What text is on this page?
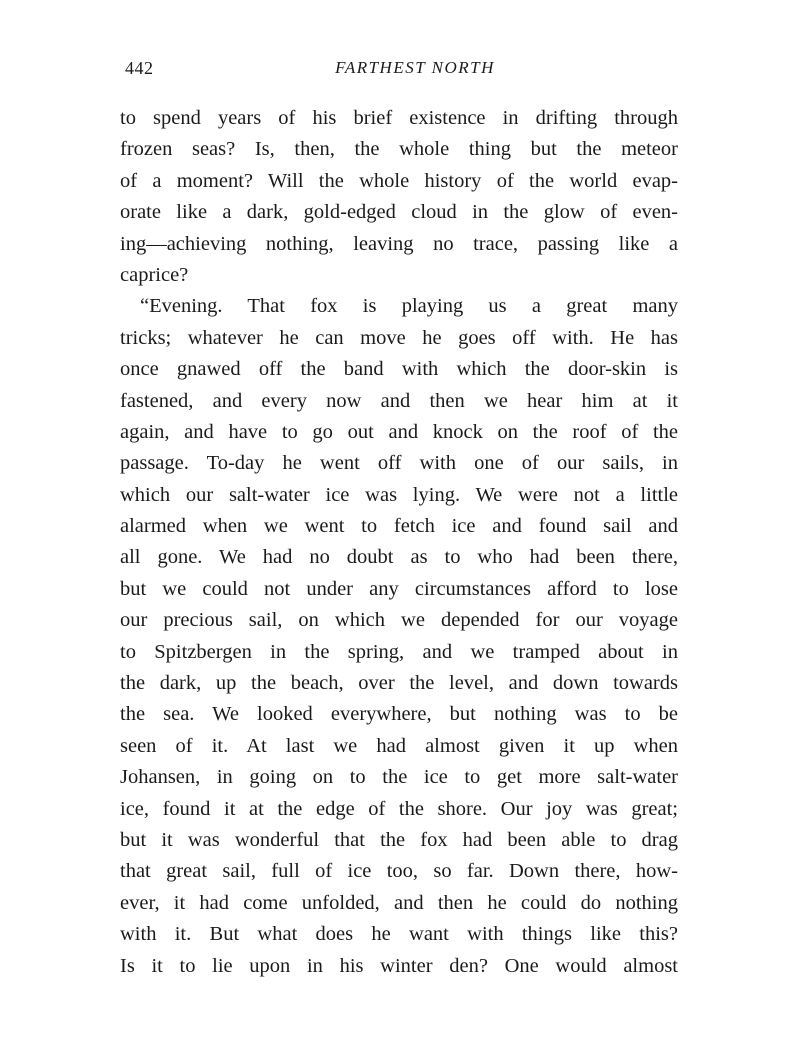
442	FARTHEST NORTH
to spend years of his brief existence in drifting through
frozen seas? Is, then, the whole thing but the meteor
of a moment? Will the whole history of the world evap-
orate like a dark, gold-edged cloud in the glow of even-
ing—achieving nothing, leaving no trace, passing like a
caprice?
“Evening. That fox is playing us a great many
tricks; whatever he can move he goes off with. He has
once gnawed off the band with which the door-skin is
fastened, and every now and then we hear him at it
again, and have to go out and knock on the roof of the
passage. To-day he went off with one of our sails, in
which our salt-water ice was lying. We were not a little
alarmed when we went to fetch ice and found sail and
all gone. We had no doubt as to who had been there,
but we could not under any circumstances afford to lose
our precious sail, on which we depended for our voyage
to Spitzbergen in the spring, and we tramped about in
the dark, up the beach, over the level, and down towards
the sea. We looked everywhere, but nothing was to be
seen of it. At last we had almost given it up when
Johansen, in going on to the ice to get more salt-water
ice, found it at the edge of the shore. Our joy was great;
but it was wonderful that the fox had been able to drag
that great sail, full of ice too, so far. Down there, how-
ever, it had come unfolded, and then he could do nothing
with it. But what does he want with things like this?
Is it to lie upon in his winter den? One would almost
